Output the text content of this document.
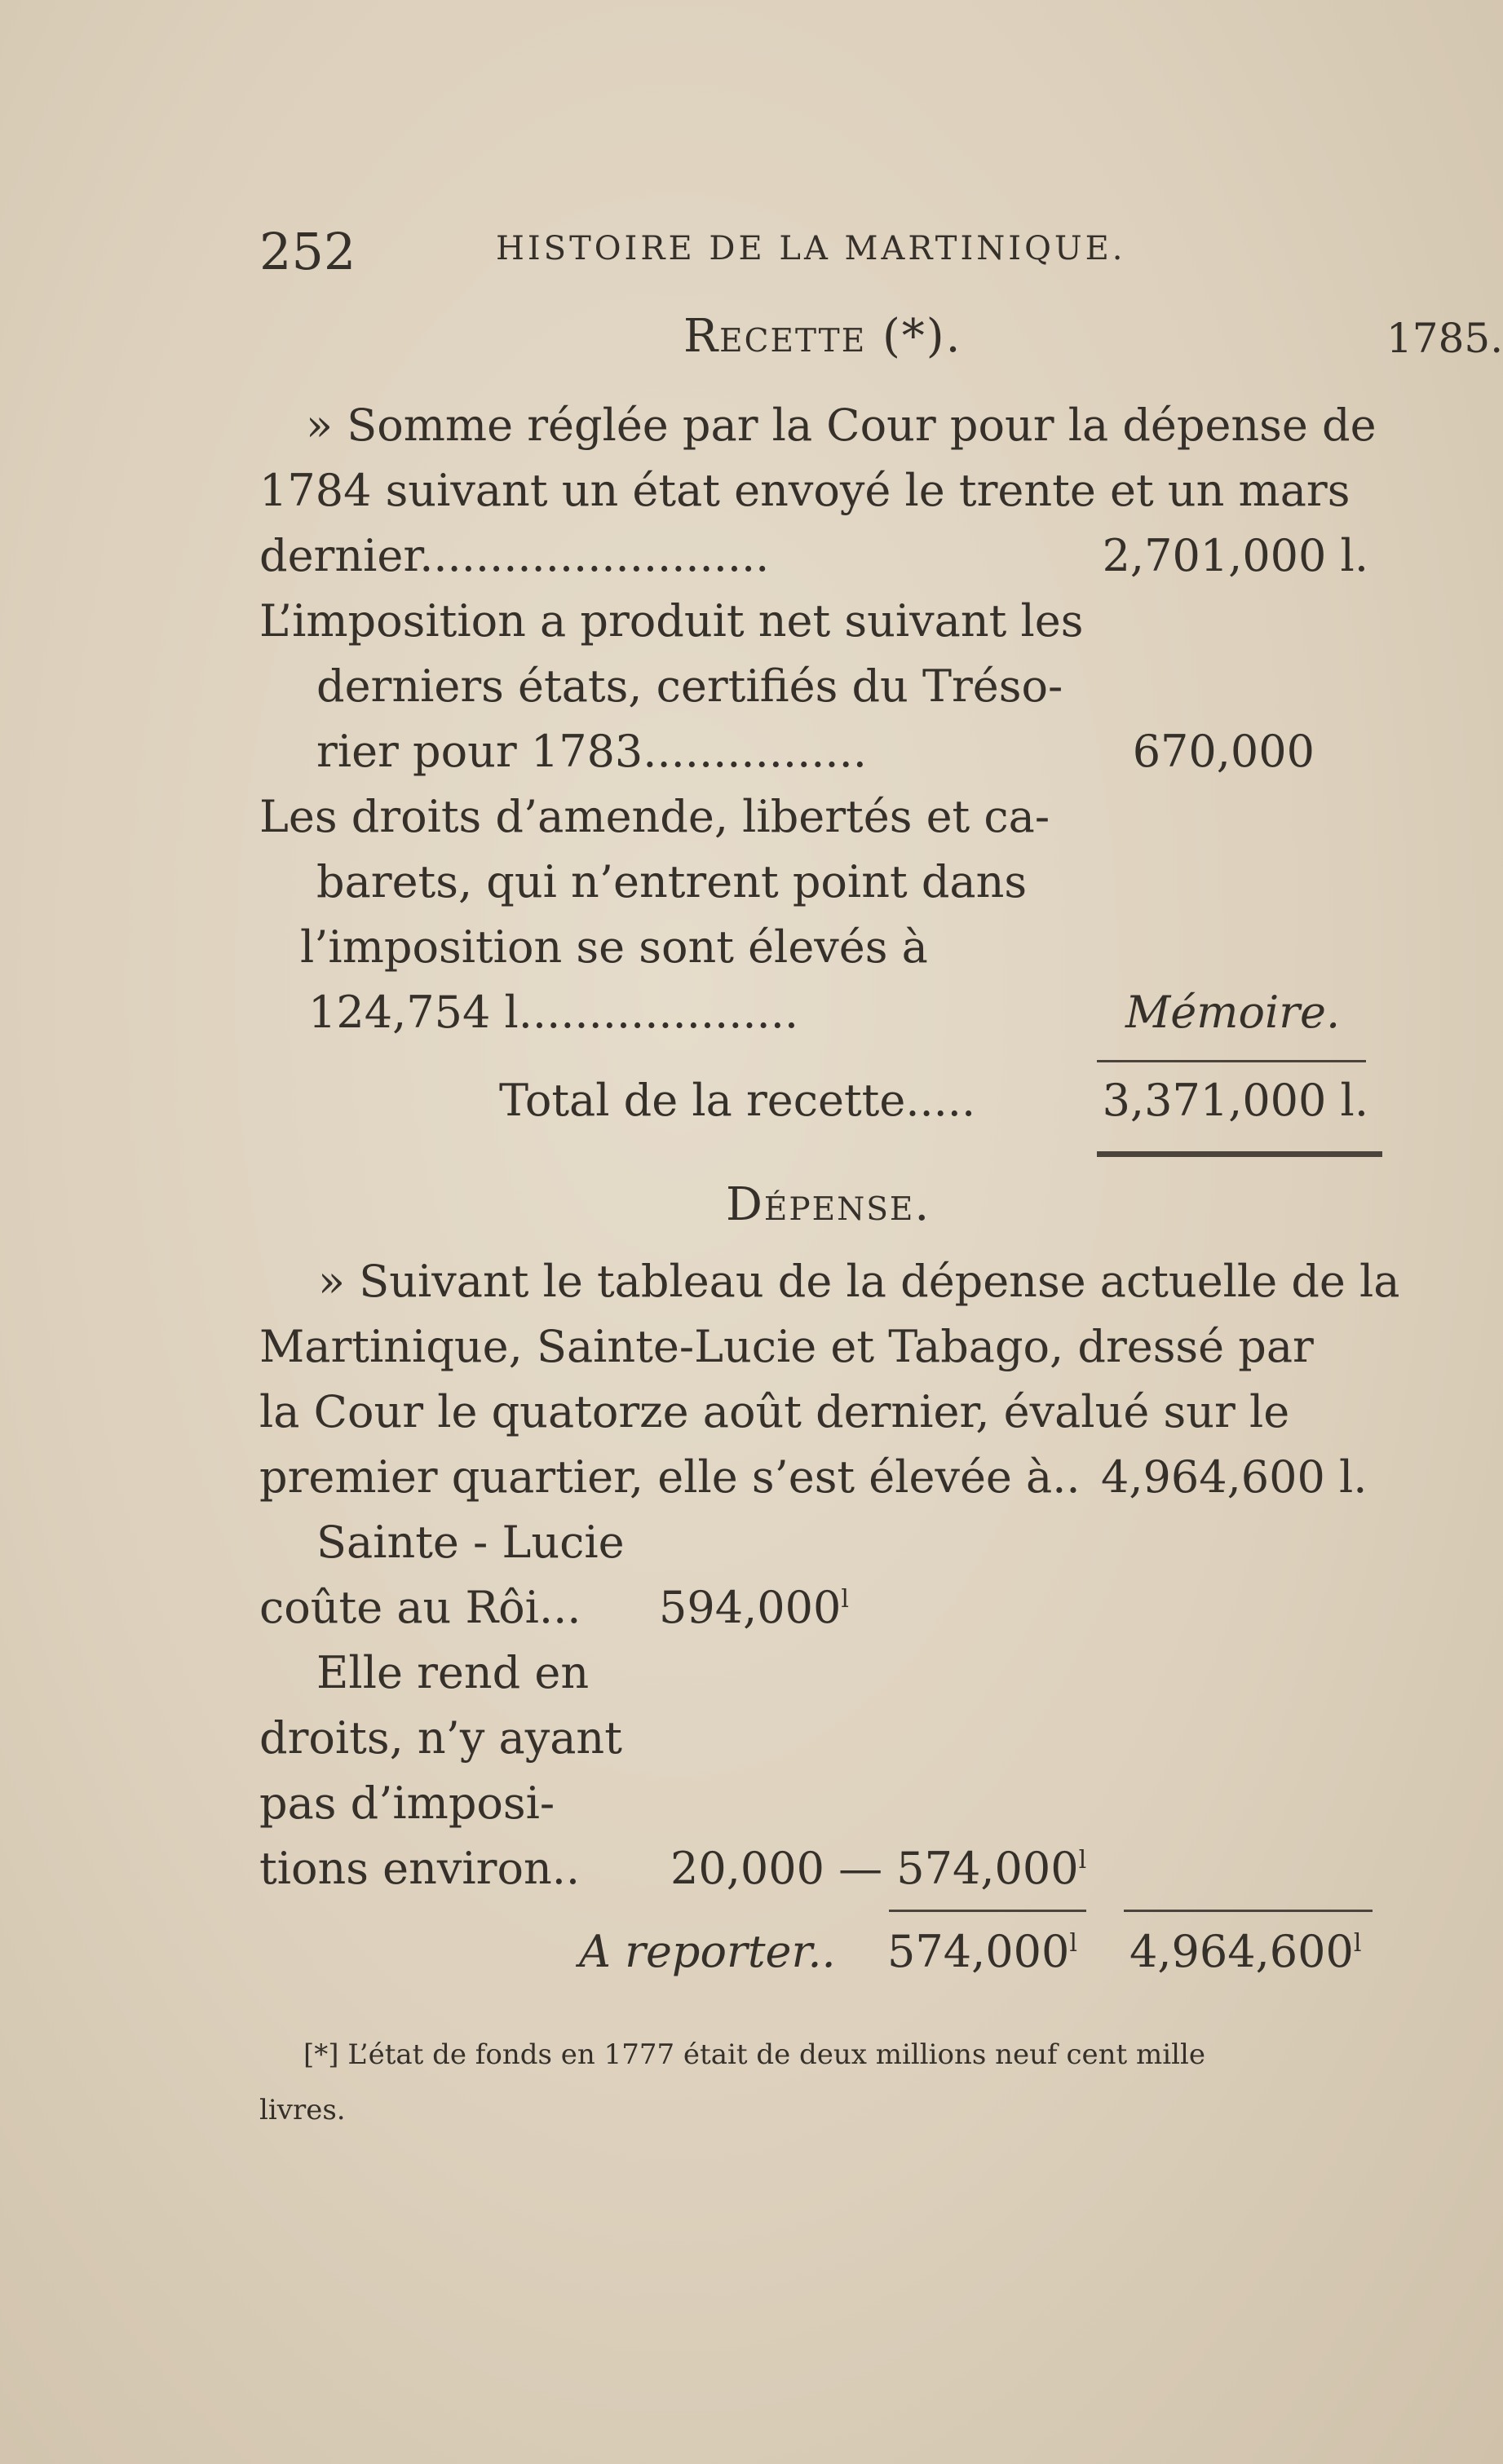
252	HISTOIRE DE LA MARTINIQUE.
1785.
Recette (*).
» Somme réglée par la Cour pour la dépense de
1784 suivant un état envoyé le trente et un mars
dernier.........................	2,701,000 l.
L’imposition a produit net suivant les
derniers états, certifiés du Tréso-
rier pour 1783................	670,000
Les droits d’amende, libertés et ca-
barets, qui n’entrent point dans
l’imposition se sont élevés à
124,754 l....................	Mémoire.
Total de la recette.....	3,371,000 l.
Dépense.
» Suivant le tableau de la dépense actuelle de la
Martinique, Sainte-Lucie et Tabago, dressé par
la Cour le quatorze août dernier, évalué sur le
premier quartier, elle s’est élevée à.. 4,964,600 l.
Sainte - Lucie
coûte au Rôi... 594,000$^l$
Elle rend en
droits, n’y ayant
pas d’imposi-
tions environ.. 20,000 — 574,000$^l$
A reporter.. 574,000$^l$ 4,964,600$^l$
[*] L’état de fonds en 1777 était de deux millions neuf cent mille
livres.
